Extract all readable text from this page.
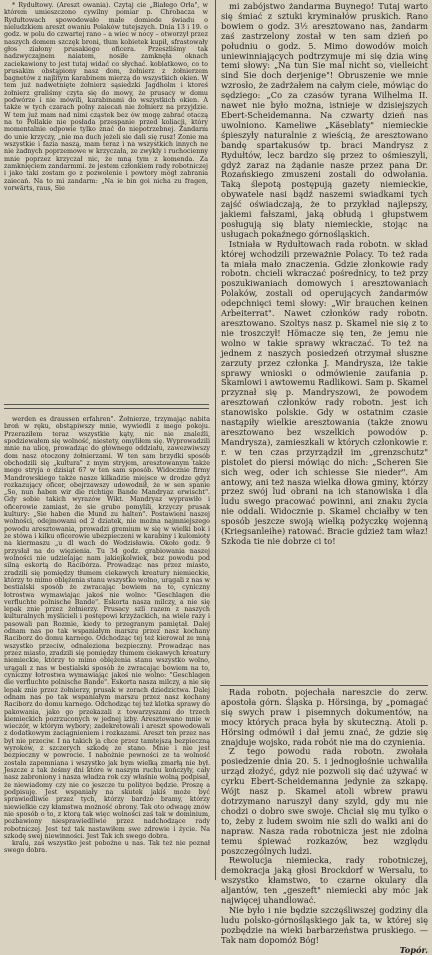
* Rydułtowy. (Areszt owania). Czytaj cie „Białego Orła", w którem umieszczono cywilny pomiar p. Chrobacza w Rydułtowach spowodowało małe domiede świadu o nieludzkiem areszt owaniu Polaków tutejszych. Dnia 13 i 19. o godz. w polu do czwartej rano – a wiec w nocy – otworzył przez naszych domem szczęk broni, tłum kobietek kupił, sfrastowały głos ziałony prusakiego oficera. Przeszliśmy tak nadzwyczajnem naiatem, nosiłe zamknęła oknach zaciekawiony to jest tutaj widać co słychać. koblatkowo, co to prusakim obstąpiony nasz dom, żołnierz z żołnierzem bagnetów z najlitym karabinem mierzą do wszystkich okien. W tem już nadwetnięte żołnierz sąsiedzki Jagdholm i ktoreś żołnierz graliśmy czyta się do mowy, że prusacy w domu podwórze i nie mówili, karabinami do wszystkich okien. A także w tych czarach polny zaiecań nie żołnierz na przyjdzie. W tem już mam nad nimi cząstek bez ów mogę zabrać otaczą na to Pollakie nie posłada przespanie przed koliacji, który momentalnie odpowie tylko znać do niepotrzebnej. Zandarm do unie krzyczy, „nie ma duch jeżeli sie dali się rusz! Zonie ma wszystkie i fazia naszą, mam teraz i na wszystkich innych ne nie żadnych poprzemowe w krzyczała, ze zwykly i ruchocienny mnie poprzez krzyczał nic, że mną tym z komenda. Za zamknięciem zandarmmi. że jestem członkiem rady robotniczej i jako taki zostam go z pozwolenie i powtory mógł zabrania zaiecań. Na to mi zandarm: „Na ie bin goi nicha zu fragen, vorwärts, raus, Sie

werden es draussen erfahren". Żołnierze, trzymając nabita broń w ręku, obstąpiwszy mnie, wywiedli z mego pokoju. Przeraziłem teraz wszystkie kąty, nic nie znaleźli, spodziewałem się wolność, niestety, omyliłem się. Wyprowadzili mnie na ulicę, prowadząc do głównego oddziału, zawezwiwszy dom nasz otoczony żołnierzami. W ten sam brzydki sposób obchodzili się „kultura" z mym stryjem, aresztowanym także mego stryja o dzisiąt 67 w ten sam sposób. Widocznie firmy Mandrowskiego także nasze kilkadzie miejsce w drodze gdyż rozkazujący oficer, obejrzawszy udowodnił, że w sen spanie „So, nun haben wir die richtige Bande Mandryaz erwischt". Gdy sobie takich wyrazów Wikt. Mandryaz wyprawiło i oficerowie zamiast, że sie grubo pomylili, krzyczy prusak kultury: „Sie haben die Mund zu halten". Postawieni naszej wolności, odejmowani od 2 dziatek, nie można najmniejszego powodu aresztowania, prowadzi gremium w się w wielki bok i ze stówa i kilku oficerowie ubezpieczeni w karabiny i kulomioty na kiermaszu „u dl wach do Wodzisławia. Około godz. 9 przysłał na do więzienia. Tu 34 godz. grabiowania naszej wolności nie udzielając nam jakiejkolwiek, bez powodu pod silną eskortą do Racibórza. Prowadząc nas przez miasto, zradzili się pomiędzy tłumem ciekawych kreatury niemieckie, którzy to mimo oblężenia stanu wszystko wolno, urągali z nas w bestialski sposób że zwracając bowiem na to, cyniczny łotrostwa wymawiając jakoś nie wolno: "Geschlagen die verfluchte polnische Bande". Eskorta nasza milczy, a nie się lepak znie przez żołnierzy. Prusacy szli razem z naszych kulturalnych myślicieli i postępowi krzyżackich, na wiele razy i pasowali pan Rozmie, kiedy to przegranym pamiętał. Dalej odnam nas po tak wspaniałym marszu przez nasz kochany Raciborz do domu karnego. Odchodząc tej też kierował ze mną wszystko przeciw, odnaleziona bezpieczny. Prowadząc nas przez miasto, zradzili się pomiędzy tłumem ciekawych kreatury niemieckie, którzy to mimo oblężenia stanu wszystko wolno, urągali z nas w bestialski sposób że zwracając bowiem na to, cyniczny łotrostwa wymawiając jakoś nie wolno: "Geschlagen die verfluchte polnische Bande". Eskorta nasza milczy, a nie się lepak znie przez żołnierzy, prusak w zorach dziedzictwa. Dalej odnam nas po tak wspaniałym marszu przez nasz kochany Raciborz do domu karnego. Odchodząc tej też klotka sprawy do pakowania, jako go przekazali z towarzyszami do trzech kiemieckich pozrzuconych w jednej izby. Aresztowano mnie w wieczór, w którym wybory; zadekretowali i areszt spowodowali z dodatkowym zaciągnieniem i rozkazami. Areszt ten przez nas był nie przeciw. I na takich ja chce przez tamtejszą bezpieczną wyroków, z szczerych szkodę ze stano. Mnie i nie jest bezpieczny w powrocie. I nabożnie pewności ze ta wolność została zapomniana i wszystko jak bym wielką zmarłą nie był. Jeszcze z tak żeśmy dni które w naszym ruchu kończyły, cały nasz zabroniony i nasza władza rok czy właśnie wolną podpisał, że niewiadomy czy nie co jeszcze tu polityce będzie. Proszę a podpisuję. Jest wspaniały na skutek jakiś może być sprawiedliwie przez tych, którzy bardzo bramy, którzy niewielkie czy kłamstwa możność obrony. Tak oto odwagę znów nie sposób o to, z ktorą tak więc wolności zaś tak w dominium, pozbawiony niesprawiedliwie przez nadchodzące rady robotniczej. Jest też tak nastawiłem swe zdrowie i życie. Na szkodę swej niewinności. Jest Tak ich swego dobra.

kralu, zaś wszystko jest pobożne u nas. Tak też nie poznał swego dobra.

mi zabójstwo żandarma Buynego! Tutaj warto się śmiać z sztuki kryminałów pruskich. Rano bowiem o godz. 3½ aresztowano nas, żandarm zaś zastrzelony został w ten sam dzień po południu o godz. 5. Mimo dowodów moich uniewinniających podtrzymuje mi się dzia winę temi słowy: „Na tun Sie mal nicht so, vielleicht sind Sie doch derjenige"! Obruszenie we mnie wzrosło, że zadrżałem na całym ciele, mówiąc do sędziego: „Co za czasów tyrana Wilhelma II. nawet nie było można, istnieje w dzisiejszych Ebert-Scheidemanna. Na czwarty dzień nas uwolniono. Kameliwe „Käseblaty" niemieckie śpieszyły naturalnie z wieścią, że aresztowano bandę spartakusów tp. braci Mandrysz z Rydułtów, lecz bardzo się przez to ośmieszyli, gdyż zaraz na żądanie nasze przez pana Dr. Rozańskiego zmuszeni zostali do odwołania. Taką ślepotą postępują gazety niemieckie, obywatele nasi bądź naszemi swiadkami tych zajść oświadczają, że to przykład najlepszy, jakiemi fałszami, jaką obłudą i głupstwem posługują się blaty niemieckie, stojąc na usługach pokaźnego górnośląskich.

Istniała w Rydułtowach rada robotn. w skład której wchodzili przeważnie Polacy. To też rada ta miała mało znaczenia. Gdzie złonkowie rady robotn. chcieli wkraczać pośrednicy, to też przy poszukiwaniach domowych i aresztowaniach Polaków, zostali od operujących żandarmów odepchnięci temi słowy: „Wir brauchen keinen Arbeiterrat". Nawet członków rady robotn. aresztowano. Szoltys nasz p. Skamel nie się z to nie troszczył! Hömacze się ten, że jemu nie wolno w takie sprawy wkraczać. To też na jednem z naszych posiedzeń otrzymał słuszne zarzuty przez członka J. Mandrysza, iże takie sprawy wnioski o odmówienie zaufania p. Skamlowi i awtowemu Radlikowi. Sam p. Skamel przyznał się p. Mandryszowi, że powodem aresztowań członków rady robotn. jest ich stanowisko polskie. Gdy w ostatnim czasie nastąpiły wielkie aresztowania (także znowu aresztowano bez wszelkich powodów p. Mandrysza), zamieszkali w których członkowie r. r. w ten czas przyrządził im „grenzschutz" pistolet do piersi mówiąc do nich: „Scheren Sie sich weg, oder ich schiesse Sie nieder". Am antowy, ani też nasza wielka dłowa gminy, którzy przez swój lud obrani na ich stanowiska i dla ludu swego pracować powinni, ani znaku życia nie oddali. Widocznie p. Skamel chciałby w ten sposób jeszcze swoją wielką pożyczkę wojenną (Kriegsanleihe) ratować. Bracie gdzież tam właz! Szkoda tie nie dobrze ci to!

Rada robotn. pojechała nareszcie do zerw. apostoła górn. Śląska p. Hörsinga, by „pomagać się swych praw i pisemnych dokumentów, na mocy których praca była by skuteczną. Atoli p. Hörsing odmówił i dał jemu znać, że gdzie się znajduje wojsko, rada robót nie ma do czynienia.

Z tego powodu rada robotn. zwołała posiedzenie dnia 20. 5. i jednogłośnie uchwaliła urząd złożyć, gdyż nie pozwoli się dać używać w cyrku Ebert-Scheidemanna jedynie za szkapę. Wójt nasz p. Skamel atoli wbrew prawu dotrzymano naruszył dany szyld, gdy mu nie chodzi o dobro swe swoje. Chciał się mu tylko o to, żeby z ludem swoim nie szli do walki ani do napraw. Nasza rada robotnicza jest nie zdolna temu śpiewać rozkazów, bez względu poszczególnych ludzi.

Rewolucja niemiecka, rady robotniczej, demokracja jaką głosi Brockdorf w Wersalu, to wszystko kłamstwo, to czarne okulary dla aljantów, ten „geszeft" niemiecki aby móc jak najwięcej uhandlować.

Nie było i nie będzie szczęśliwszej godziny dla ludu polsko-górnośląskiego jak ta, w której się pozbędzie na wieki barbarzeństwa pruskiego. — Tak nam dopomóż Bóg!

Topór.
